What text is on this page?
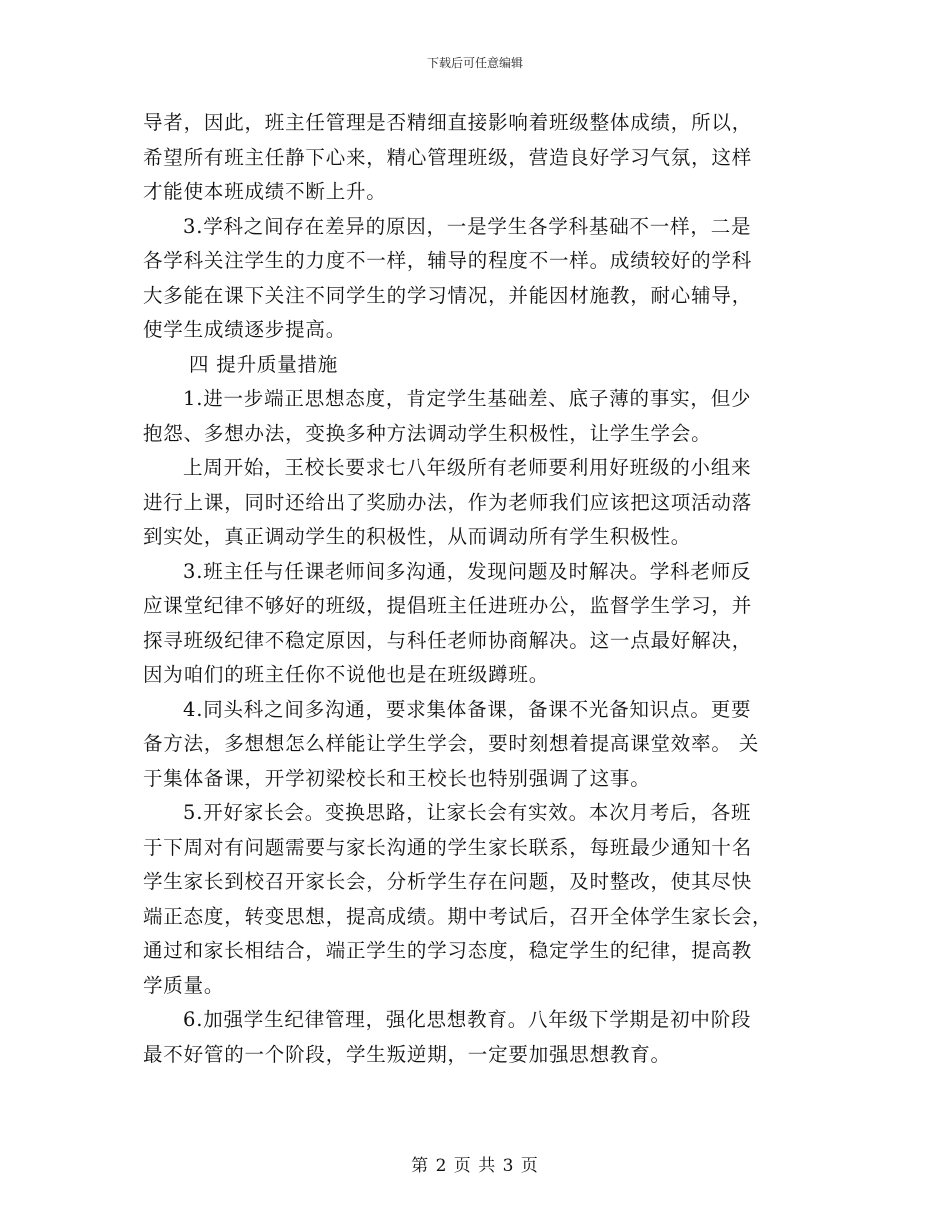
下载后可任意编辑
导者，因此，班主任管理是否精细直接影响着班级整体成绩，所以，
希望所有班主任静下心来，精心管理班级，营造良好学习气氛，这样
才能使本班成绩不断上升。
3.学科之间存在差异的原因，一是学生各学科基础不一样，二是
各学科关注学生的力度不一样，辅导的程度不一样。成绩较好的学科
大多能在课下关注不同学生的学习情况，并能因材施教，耐心辅导，
使学生成绩逐步提高。
四 提升质量措施
1.进一步端正思想态度，肯定学生基础差、底子薄的事实，但少
抱怨、多想办法，变换多种方法调动学生积极性，让学生学会。
上周开始，王校长要求七八年级所有老师要利用好班级的小组来
进行上课，同时还给出了奖励办法，作为老师我们应该把这项活动落
到实处，真正调动学生的积极性，从而调动所有学生积极性。
3.班主任与任课老师间多沟通，发现问题及时解决。学科老师反
应课堂纪律不够好的班级，提倡班主任进班办公，监督学生学习，并
探寻班级纪律不稳定原因，与科任老师协商解决。这一点最好解决，
因为咱们的班主任你不说他也是在班级蹲班。
4.同头科之间多沟通，要求集体备课，备课不光备知识点。更要
备方法，多想想怎么样能让学生学会，要时刻想着提高课堂效率。 关
于集体备课，开学初梁校长和王校长也特别强调了这事。
5.开好家长会。变换思路，让家长会有实效。本次月考后，各班
于下周对有问题需要与家长沟通的学生家长联系，每班最少通知十名
学生家长到校召开家长会，分析学生存在问题，及时整改，使其尽快
端正态度，转变思想，提高成绩。期中考试后，召开全体学生家长会，
通过和家长相结合，端正学生的学习态度，稳定学生的纪律，提高教
学质量。
6.加强学生纪律管理，强化思想教育。八年级下学期是初中阶段
最不好管的一个阶段，学生叛逆期，一定要加强思想教育。
第 2 页 共 3 页
